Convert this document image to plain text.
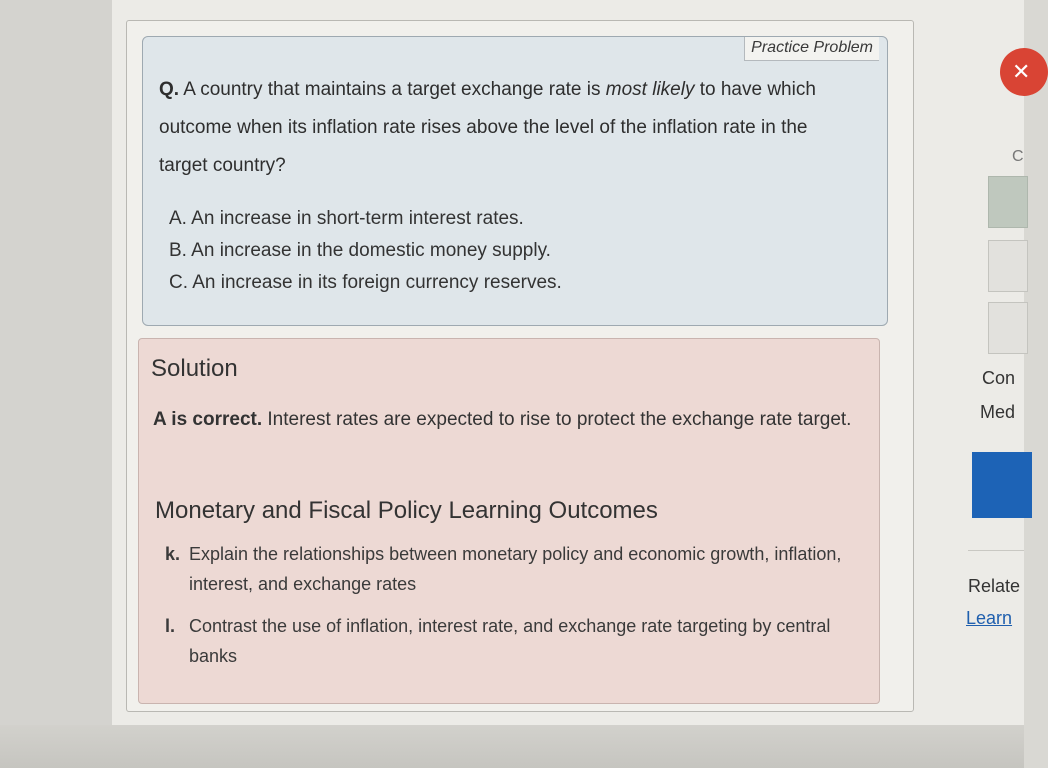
Practice Problem
Q. A country that maintains a target exchange rate is most likely to have which outcome when its inflation rate rises above the level of the inflation rate in the target country?
A. An increase in short-term interest rates.
B. An increase in the domestic money supply.
C. An increase in its foreign currency reserves.
Solution
A is correct. Interest rates are expected to rise to protect the exchange rate target.
Monetary and Fiscal Policy Learning Outcomes
k. Explain the relationships between monetary policy and economic growth, inflation, interest, and exchange rates
l. Contrast the use of inflation, interest rate, and exchange rate targeting by central banks
✕
C
Con
Med
Relate
Learn
